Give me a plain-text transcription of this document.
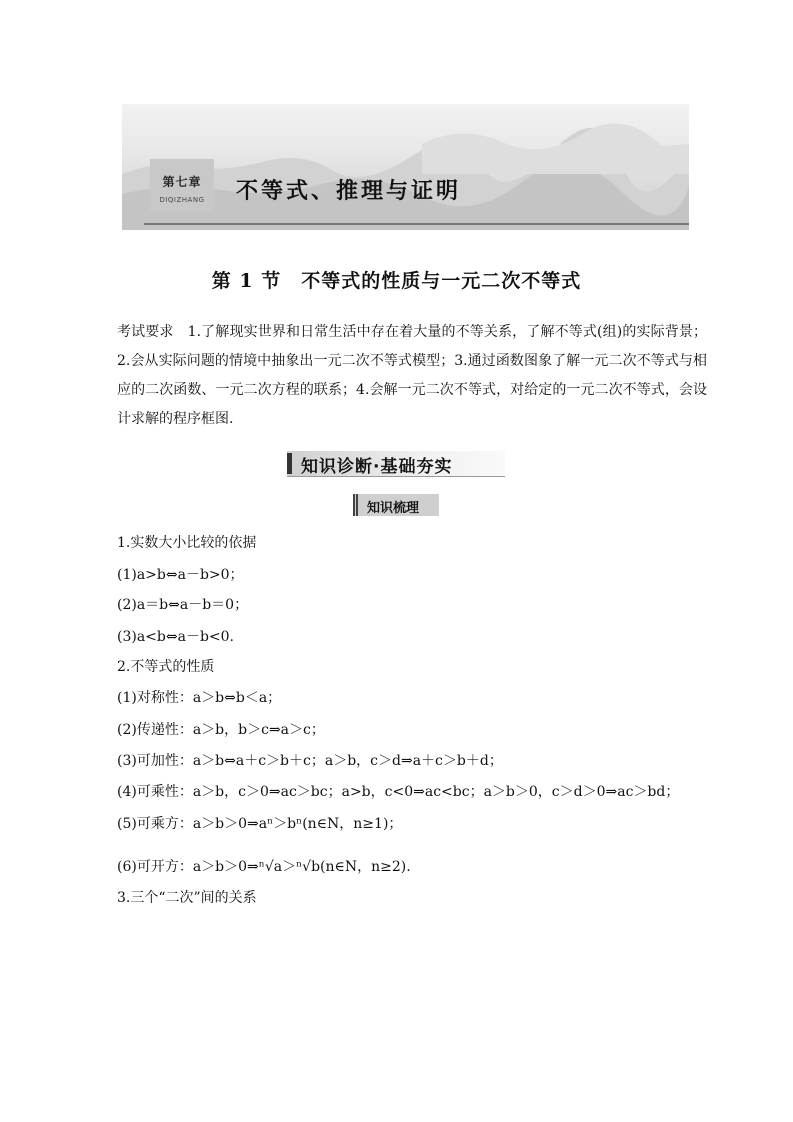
第七章
DIQIZHANG	不等式、推理与证明
第 1 节　不等式的性质与一元二次不等式
考试要求　1.了解现实世界和日常生活中存在着大量的不等关系，了解不等式(组)的实际背景；2.会从实际问题的情境中抽象出一元二次不等式模型；3.通过函数图象了解一元二次不等式与相应的二次函数、一元二次方程的联系；4.会解一元二次不等式，对给定的一元二次不等式，会设计求解的程序框图.
知识诊断·基础夯实
知识梳理
1.实数大小比较的依据
(1)a>b⇔a－b>0；
(2)a＝b⇔a－b＝0；
(3)a<b⇔a－b<0.
2.不等式的性质
(1)对称性：a＞b⇔b＜a；
(2)传递性：a＞b，b＞c⇒a＞c；
(3)可加性：a＞b⇔a＋c＞b＋c；a＞b，c＞d⇒a＋c＞b＋d；
(4)可乘性：a＞b，c＞0⇒ac＞bc；a>b，c<0⇒ac<bc；a＞b＞0，c＞d＞0⇒ac＞bd；
(5)可乘方：a＞b＞0⇒aⁿ＞bⁿ(n∈N，n≥1)；
(6)可开方：a＞b＞0⇒ⁿ√a＞ⁿ√b(n∈N，n≥2).
3.三个“二次”间的关系
